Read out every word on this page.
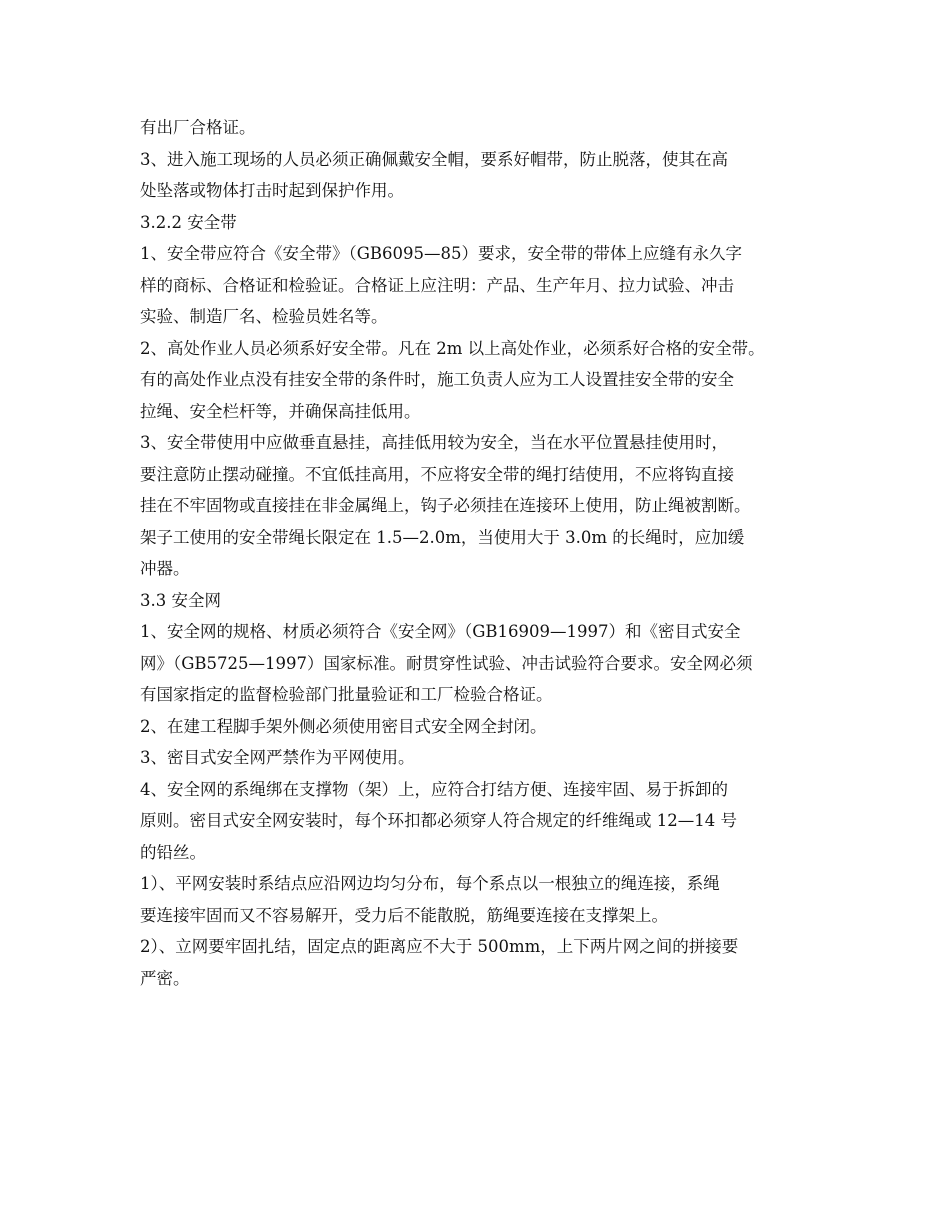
有出厂合格证。
3、进入施工现场的人员必须正确佩戴安全帽，要系好帽带，防止脱落，使其在高
处坠落或物体打击时起到保护作用。
3.2.2 安全带
1、安全带应符合《安全带》（GB6095—85）要求，安全带的带体上应缝有永久字
样的商标、合格证和检验证。合格证上应注明：产品、生产年月、拉力试验、冲击
实验、制造厂名、检验员姓名等。
2、高处作业人员必须系好安全带。凡在 2m 以上高处作业，必须系好合格的安全带。
有的高处作业点没有挂安全带的条件时，施工负责人应为工人设置挂安全带的安全
拉绳、安全栏杆等，并确保高挂低用。
3、安全带使用中应做垂直悬挂，高挂低用较为安全，当在水平位置悬挂使用时，
要注意防止摆动碰撞。不宜低挂高用，不应将安全带的绳打结使用，不应将钩直接
挂在不牢固物或直接挂在非金属绳上，钩子必须挂在连接环上使用，防止绳被割断。
架子工使用的安全带绳长限定在 1.5—2.0m，当使用大于 3.0m 的长绳时，应加缓
冲器。
3.3 安全网
1、安全网的规格、材质必须符合《安全网》（GB16909—1997）和《密目式安全
网》（GB5725—1997）国家标准。耐贯穿性试验、冲击试验符合要求。安全网必须
有国家指定的监督检验部门批量验证和工厂检验合格证。
2、在建工程脚手架外侧必须使用密目式安全网全封闭。
3、密目式安全网严禁作为平网使用。
4、安全网的系绳绑在支撑物（架）上，应符合打结方便、连接牢固、易于拆卸的
原则。密目式安全网安装时，每个环扣都必须穿人符合规定的纤维绳或 12—14 号
的铅丝。
1）、平网安装时系结点应沿网边均匀分布，每个系点以一根独立的绳连接，系绳
要连接牢固而又不容易解开，受力后不能散脱，筋绳要连接在支撑架上。
2）、立网要牢固扎结，固定点的距离应不大于 500mm，上下两片网之间的拼接要
严密。
